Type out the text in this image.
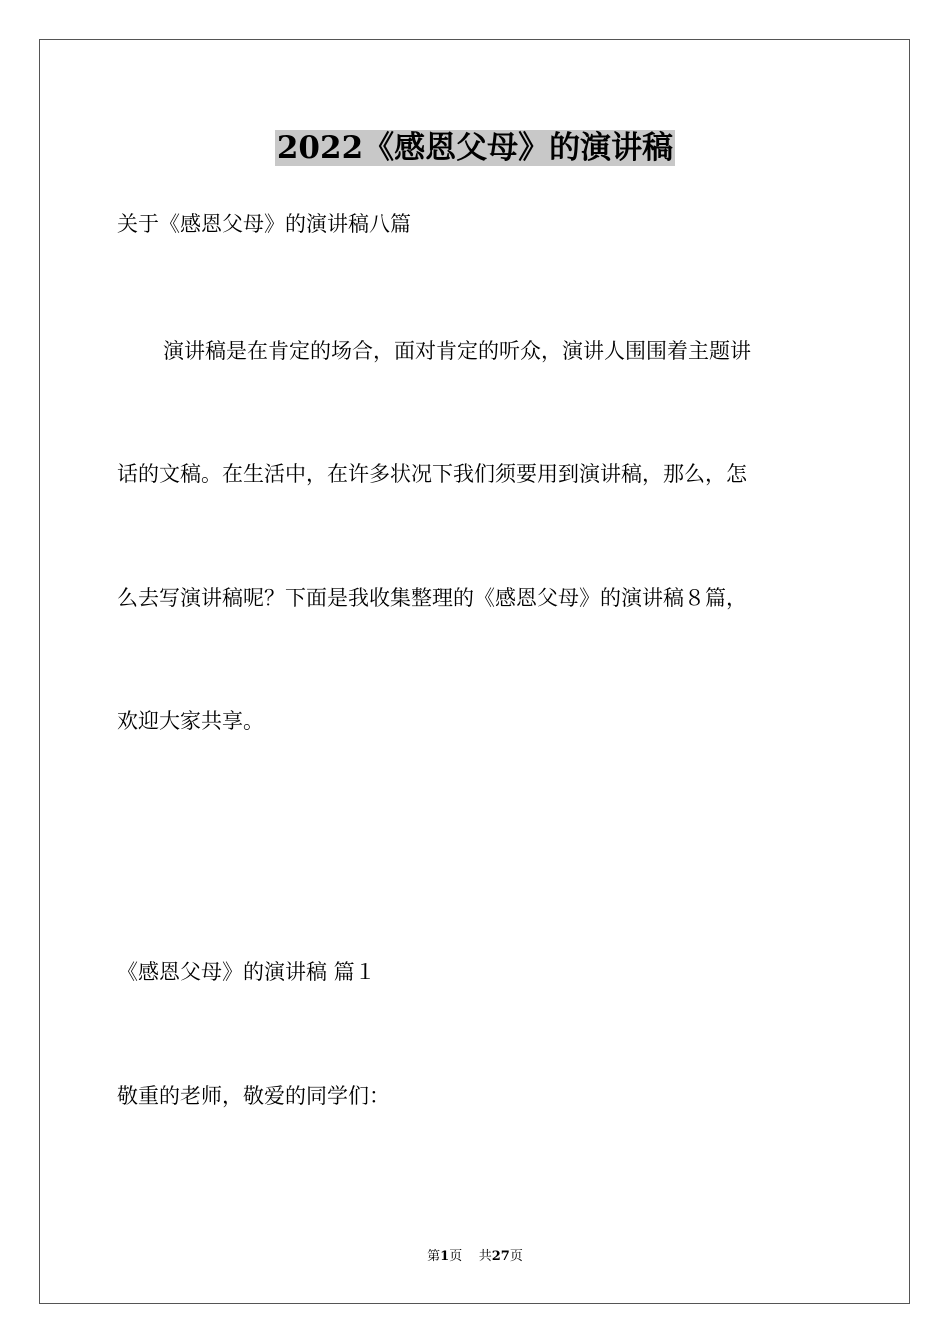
2022《感恩父母》的演讲稿
关于《感恩父母》的演讲稿八篇
演讲稿是在肯定的场合，面对肯定的听众，演讲人围围着主题讲
话的文稿。在生活中，在许多状况下我们须要用到演讲稿，那么，怎
么去写演讲稿呢？下面是我收集整理的《感恩父母》的演讲稿８篇，
欢迎大家共享。
《感恩父母》的演讲稿 篇１
敬重的老师，敬爱的同学们：
第1页 共27页
